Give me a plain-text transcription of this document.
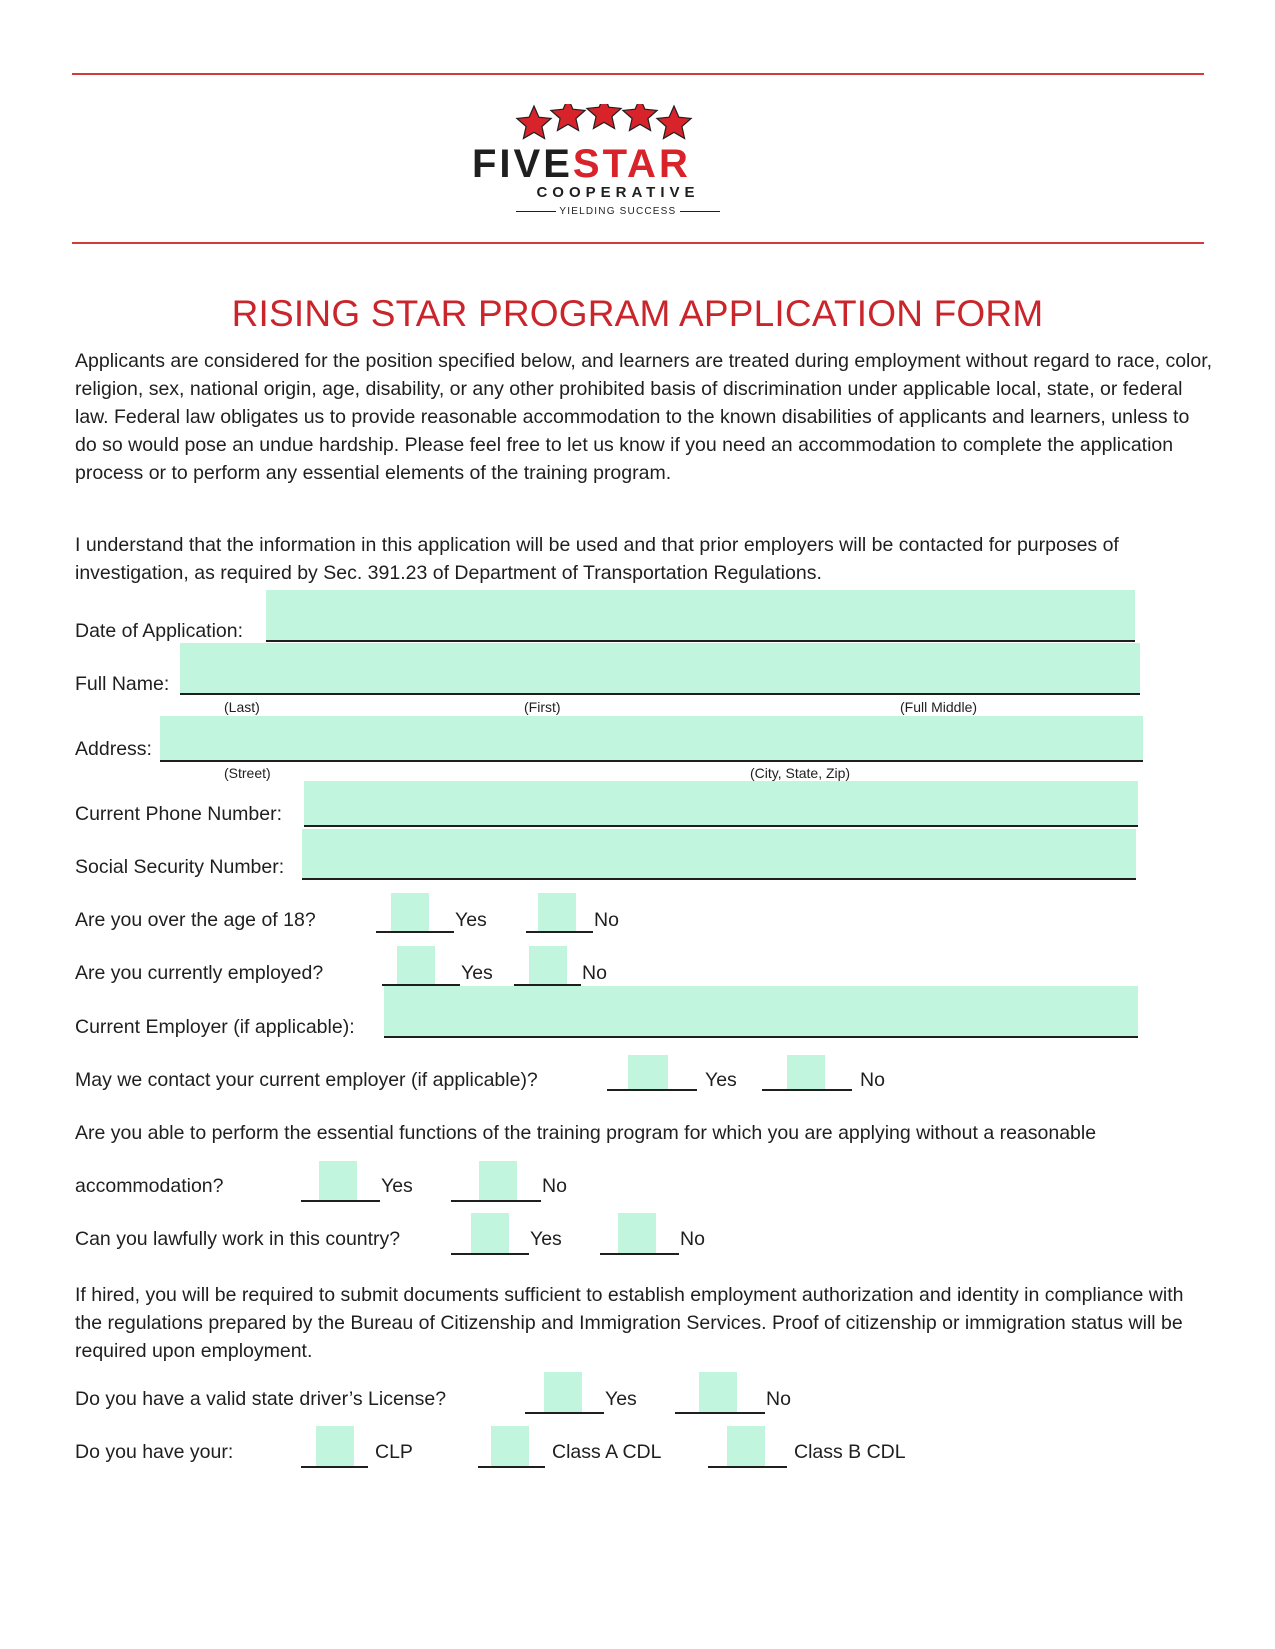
FIVESTAR
COOPERATIVE
YIELDING SUCCESS
RISING STAR PROGRAM APPLICATION FORM
Applicants are considered for the position specified below, and learners are treated during employment without regard to race, color, religion, sex, national origin, age, disability, or any other prohibited basis of discrimination under applicable local, state, or federal law. Federal law obligates us to provide reasonable accommodation to the known disabilities of applicants and learners, unless to do so would pose an undue hardship. Please feel free to let us know if you need an accommodation to complete the application process or to perform any essential elements of the training program.
I understand that the information in this application will be used and that prior employers will be contacted for purposes of investigation, as required by Sec. 391.23 of Department of Transportation Regulations.
Date of Application:
Full Name:
(Last)	(First)	(Full Middle)
Address:
(Street)	(City, State, Zip)
Current Phone Number:
Social Security Number:
Are you over the age of 18?	Yes	No
Are you currently employed?	Yes	No
Current Employer (if applicable):
May we contact your current employer (if applicable)?	Yes	No
Are you able to perform the essential functions of the training program for which you are applying without a reasonable
accommodation?	Yes	No
Can you lawfully work in this country?	Yes	No
If hired, you will be required to submit documents sufficient to establish employment authorization and identity in compliance with the regulations prepared by the Bureau of Citizenship and Immigration Services. Proof of citizenship or immigration status will be required upon employment.
Do you have a valid state driver’s License?	Yes	No
Do you have your:	CLP	Class A CDL	Class B CDL
